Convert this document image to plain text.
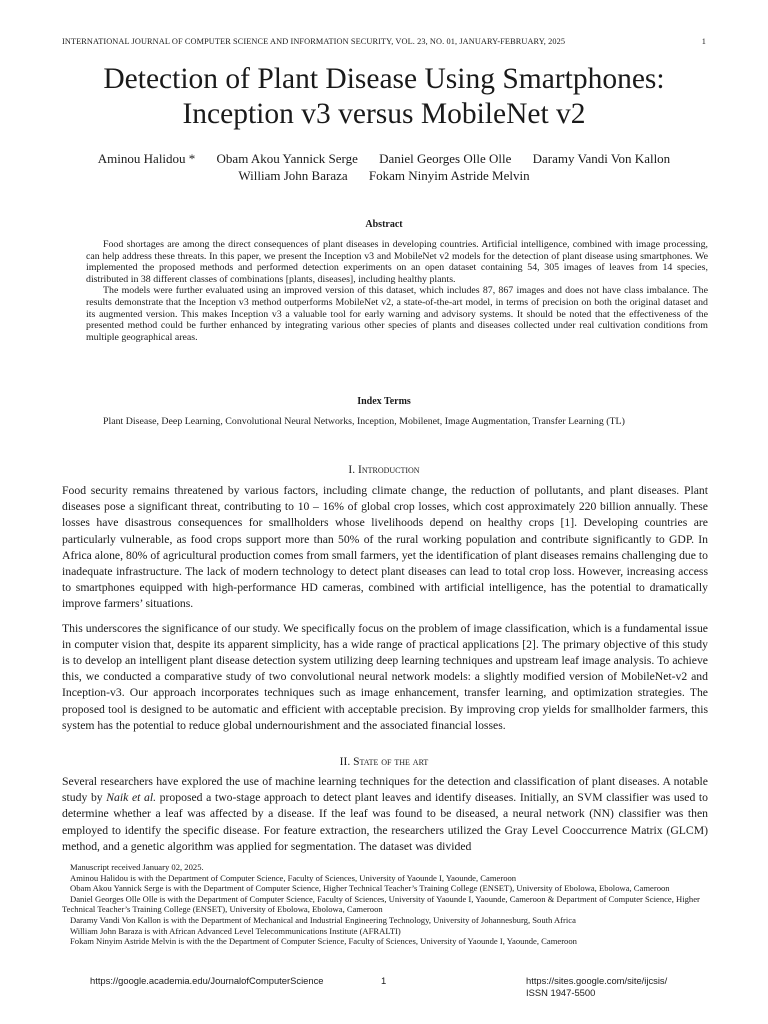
INTERNATIONAL JOURNAL OF COMPUTER SCIENCE AND INFORMATION SECURITY, VOL. 23, NO. 01, JANUARY-FEBRUARY, 2025	1
Detection of Plant Disease Using Smartphones:
Inception v3 versus MobileNet v2
Aminou Halidou * Obam Akou Yannick Serge Daniel Georges Olle Olle Daramy Vandi Von Kallon
William John Baraza Fokam Ninyim Astride Melvin
Abstract

Food shortages are among the direct consequences of plant diseases in developing countries. Artificial intelligence, combined with image processing, can help address these threats. In this paper, we present the Inception v3 and MobileNet v2 models for the detection of plant disease using smartphones. We implemented the proposed methods and performed detection experiments on an open dataset containing 54, 305 images of leaves from 14 species, distributed in 38 different classes of combinations [plants, diseases], including healthy plants.

The models were further evaluated using an improved version of this dataset, which includes 87, 867 images and does not have class imbalance. The results demonstrate that the Inception v3 method outperforms MobileNet v2, a state-of-the-art model, in terms of precision on both the original dataset and its augmented version. This makes Inception v3 a valuable tool for early warning and advisory systems. It should be noted that the effectiveness of the presented method could be further enhanced by integrating various other species of plants and diseases collected under real cultivation conditions from multiple geographical areas.

Index Terms

Plant Disease, Deep Learning, Convolutional Neural Networks, Inception, Mobilenet, Image Augmentation, Transfer Learning (TL)

I. Introduction

Food security remains threatened by various factors, including climate change, the reduction of pollutants, and plant diseases. Plant diseases pose a significant threat, contributing to 10 – 16% of global crop losses, which cost approximately 220 billion annually. These losses have disastrous consequences for smallholders whose livelihoods depend on healthy crops [1]. Developing countries are particularly vulnerable, as food crops support more than 50% of the rural working population and contribute significantly to GDP. In Africa alone, 80% of agricultural production comes from small farmers, yet the identification of plant diseases remains challenging due to inadequate infrastructure. The lack of modern technology to detect plant diseases can lead to total crop loss. However, increasing access to smartphones equipped with high-performance HD cameras, combined with artificial intelligence, has the potential to dramatically improve farmers’ situations.

This underscores the significance of our study. We specifically focus on the problem of image classification, which is a fundamental issue in computer vision that, despite its apparent simplicity, has a wide range of practical applications [2]. The primary objective of this study is to develop an intelligent plant disease detection system utilizing deep learning techniques and upstream leaf image analysis. To achieve this, we conducted a comparative study of two convolutional neural network models: a slightly modified version of MobileNet-v2 and Inception-v3. Our approach incorporates techniques such as image enhancement, transfer learning, and optimization strategies. The proposed tool is designed to be automatic and efficient with acceptable precision. By improving crop yields for smallholder farmers, this system has the potential to reduce global undernourishment and the associated financial losses.

II. State of the art

Several researchers have explored the use of machine learning techniques for the detection and classification of plant diseases. A notable study by Naik et al. proposed a two-stage approach to detect plant leaves and identify diseases. Initially, an SVM classifier was used to determine whether a leaf was affected by a disease. If the leaf was found to be diseased, a neural network (NN) classifier was then employed to identify the specific disease. For feature extraction, the researchers utilized the Gray Level Cooccurrence Matrix (GLCM) method, and a genetic algorithm was applied for segmentation. The dataset was divided

Manuscript received January 02, 2025.
Aminou Halidou is with the Department of Computer Science, Faculty of Sciences, University of Yaounde I, Yaounde, Cameroon
Obam Akou Yannick Serge is with the Department of Computer Science, Higher Technical Teacher’s Training College (ENSET), University of Ebolowa, Ebolowa, Cameroon
Daniel Georges Olle Olle is with the Department of Computer Science, Faculty of Sciences, University of Yaounde I, Yaounde, Cameroon & Department of Computer Science, Higher Technical Teacher’s Training College (ENSET), University of Ebolowa, Ebolowa, Cameroon
Daramy Vandi Von Kallon is with the Department of Mechanical and Industrial Engineering Technology, University of Johannesburg, South Africa
William John Baraza is with African Advanced Level Telecommunications Institute (AFRALTI)
Fokam Ninyim Astride Melvin is with the the Department of Computer Science, Faculty of Sciences, University of Yaounde I, Yaounde, Cameroon
https://google.academia.edu/JournalofComputerScience	1	https://sites.google.com/site/ijcsis/
ISSN 1947-5500
